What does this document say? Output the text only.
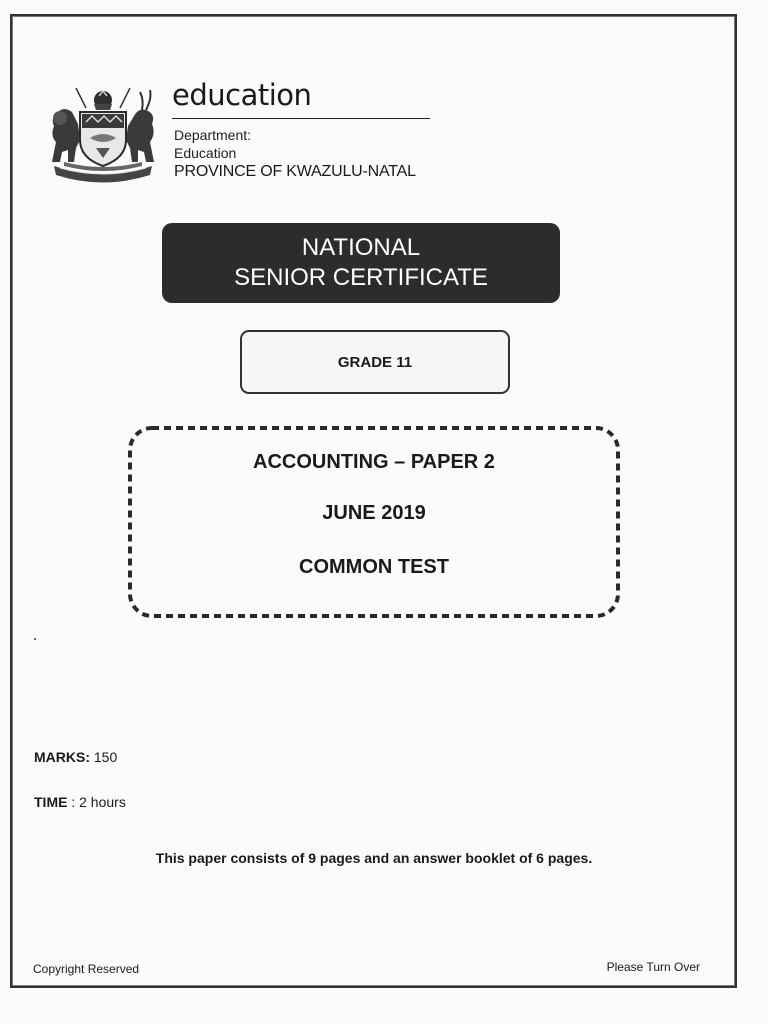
education
Department:
Education
PROVINCE OF KWAZULU-NATAL
NATIONAL
SENIOR CERTIFICATE
GRADE 11
ACCOUNTING – PAPER 2
JUNE 2019
COMMON TEST
MARKS: 150
TIME : 2 hours
This paper consists of 9 pages and an answer booklet of 6 pages.
Copyright Reserved	Please Turn Over
